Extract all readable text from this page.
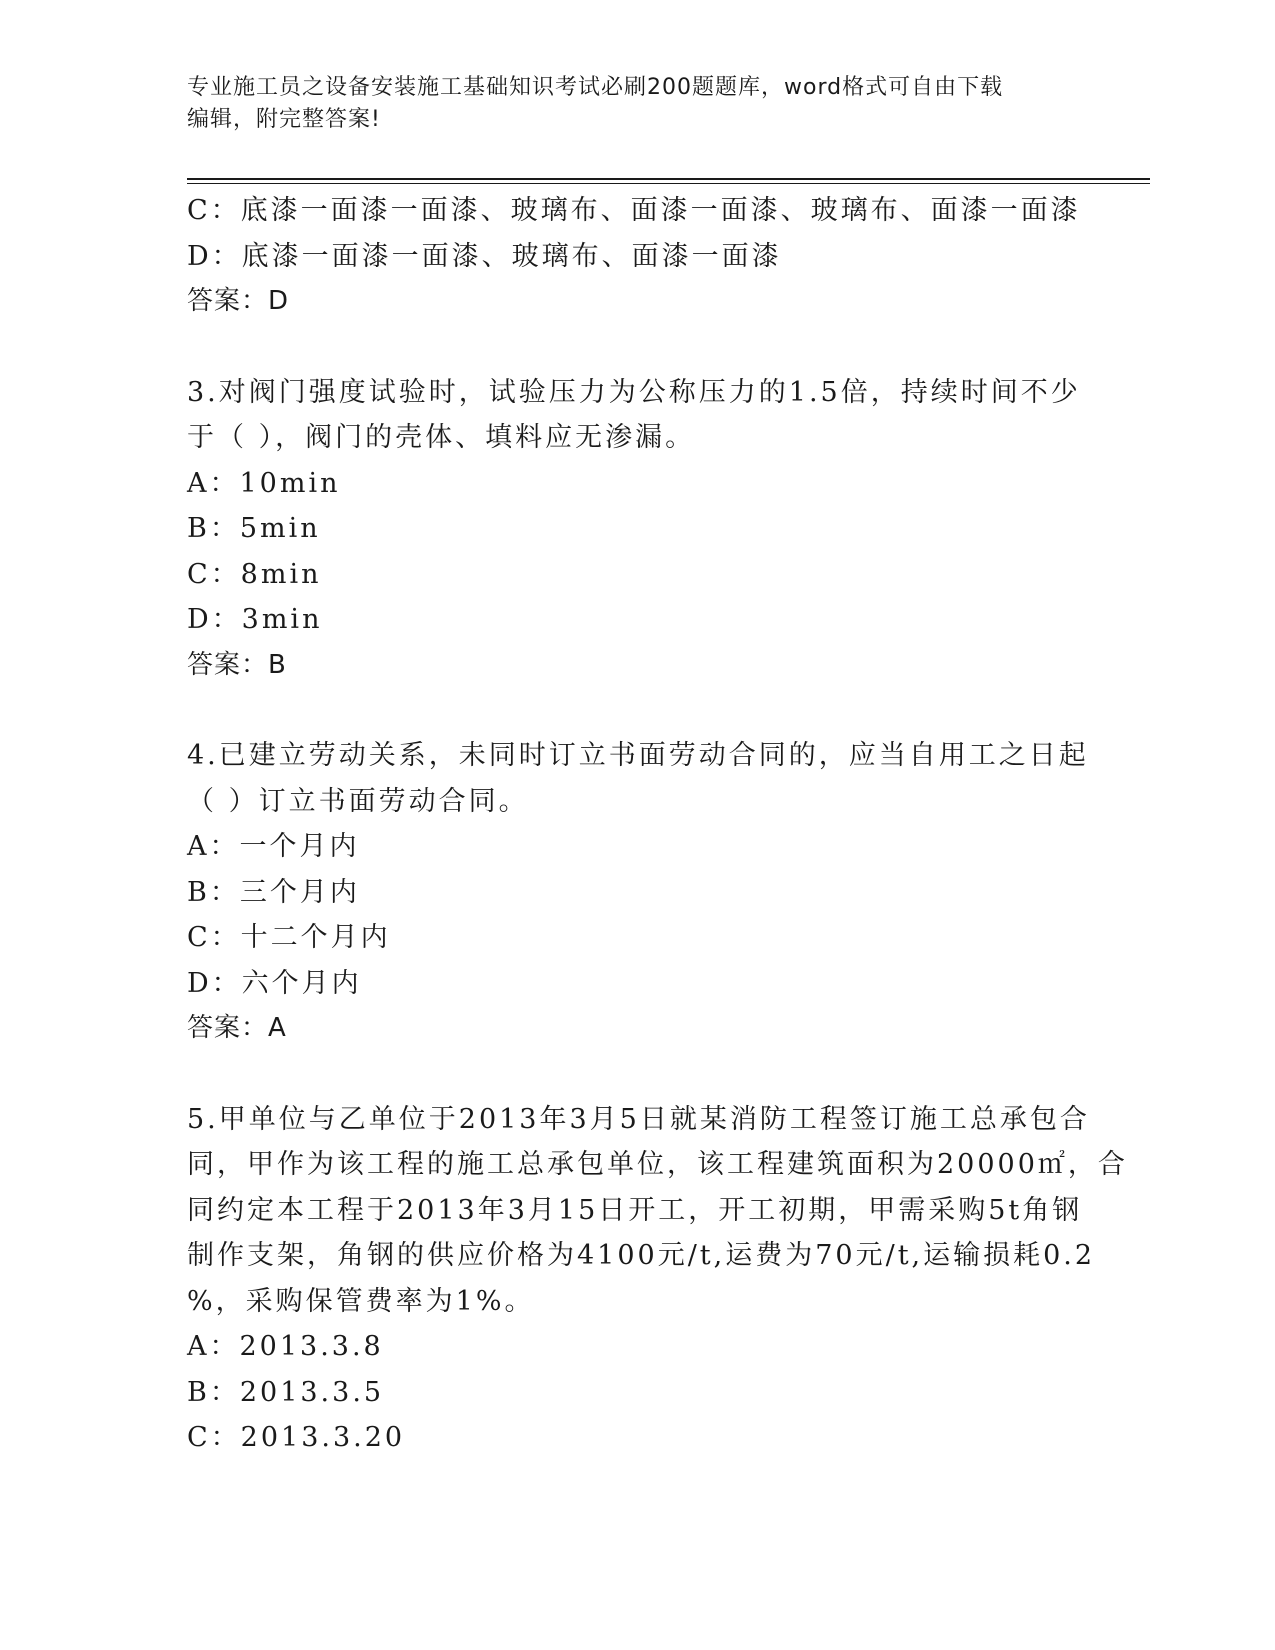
专业施工员之设备安装施工基础知识考试必刷200题题库，word格式可自由下载
编辑，附完整答案!
C：底漆一面漆一面漆、玻璃布、面漆一面漆、玻璃布、面漆一面漆
D：底漆一面漆一面漆、玻璃布、面漆一面漆
答案：D
3.对阀门强度试验时，试验压力为公称压力的1.5倍，持续时间不少
于（ ），阀门的壳体、填料应无渗漏。
A：10min
B：5min
C：8min
D：3min
答案：B
4.已建立劳动关系，未同时订立书面劳动合同的，应当自用工之日起
（ ）订立书面劳动合同。
A：一个月内
B：三个月内
C：十二个月内
D：六个月内
答案：A
5.甲单位与乙单位于2013年3月5日就某消防工程签订施工总承包合
同，甲作为该工程的施工总承包单位，该工程建筑面积为20000㎡，合
同约定本工程于2013年3月15日开工，开工初期，甲需采购5t角钢
制作支架，角钢的供应价格为4100元/t,运费为70元/t,运输损耗0.2
%，采购保管费率为1%。
A：2013.3.8
B：2013.3.5
C：2013.3.20
